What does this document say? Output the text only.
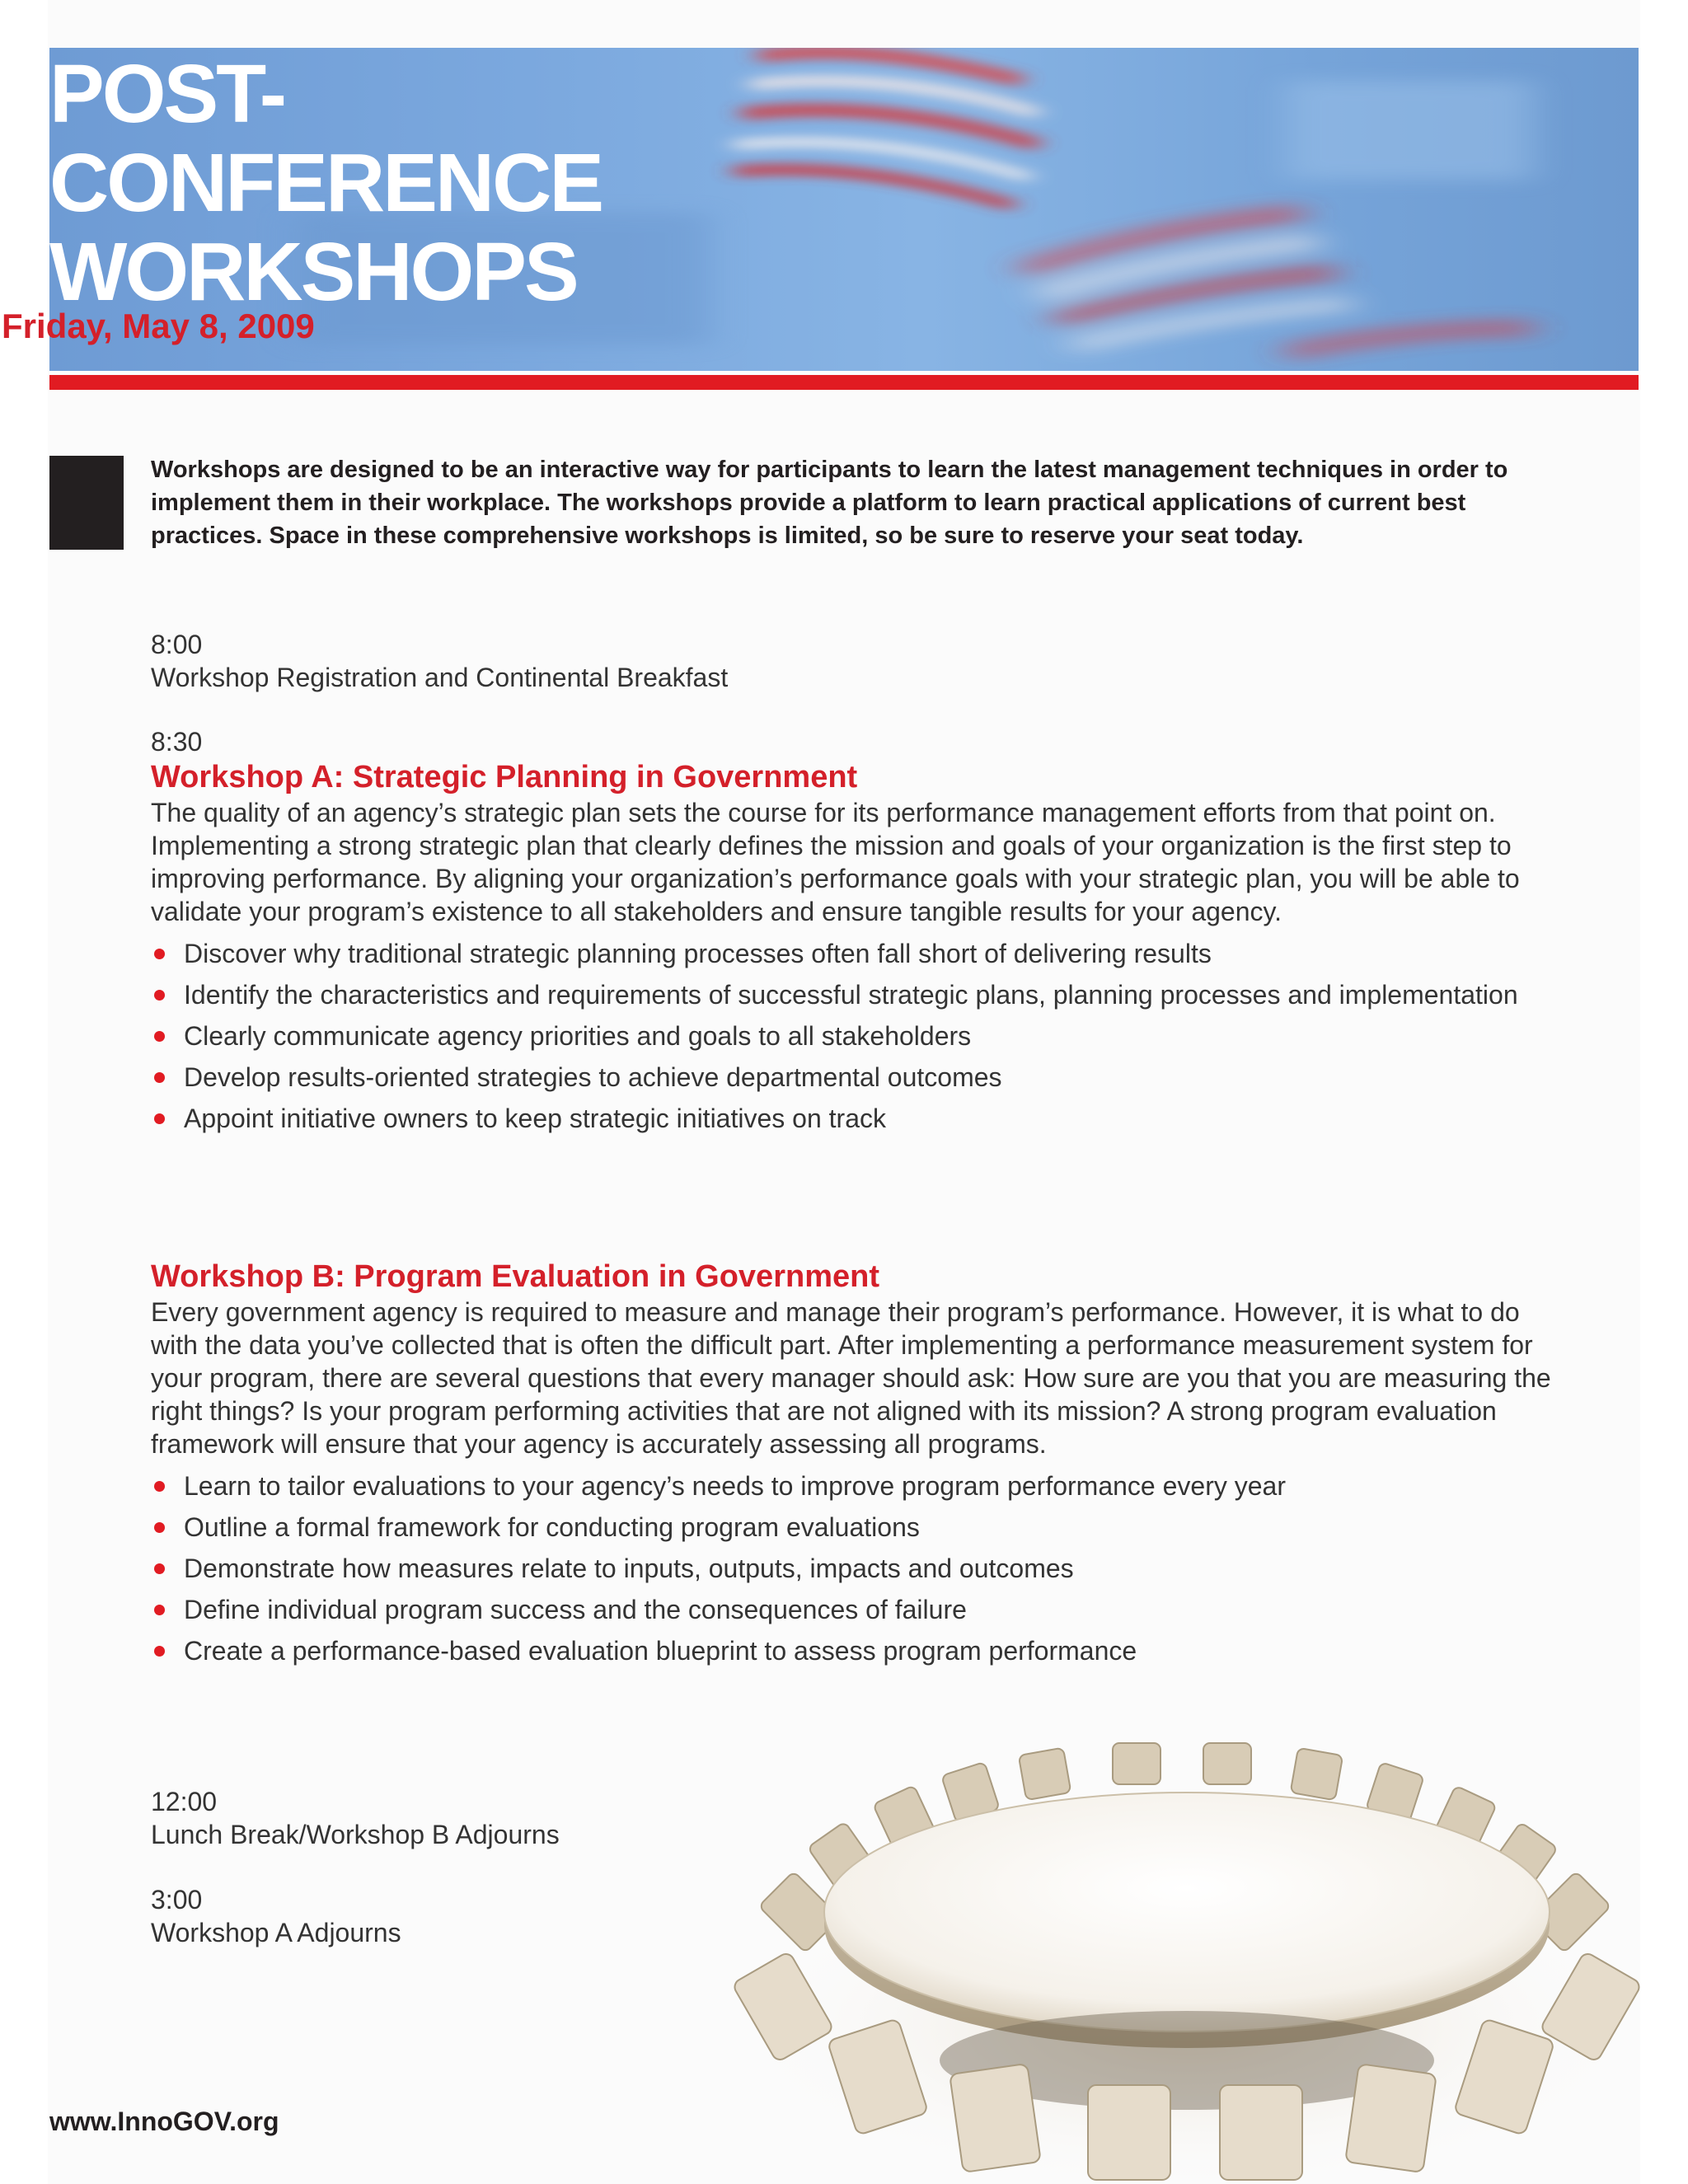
POST-
CONFERENCE
WORKSHOPS
Friday, May 8, 2009

Workshops are designed to be an interactive way for participants to learn the latest management techniques in order to implement them in their workplace. The workshops provide a platform to learn practical applications of current best practices. Space in these comprehensive workshops is limited, so be sure to reserve your seat today.

8:00

Workshop Registration and Continental Breakfast

8:30

Workshop A: Strategic Planning in Government

The quality of an agency’s strategic plan sets the course for its performance management efforts from that point on. Implementing a strong strategic plan that clearly defines the mission and goals of your organization is the first step to improving performance. By aligning your organization’s performance goals with your strategic plan, you will be able to validate your program’s existence to all stakeholders and ensure tangible results for your agency.

Discover why traditional strategic planning processes often fall short of delivering results
Identify the characteristics and requirements of successful strategic plans, planning processes and implementation
Clearly communicate agency priorities and goals to all stakeholders
Develop results-oriented strategies to achieve departmental outcomes
Appoint initiative owners to keep strategic initiatives on track
Workshop B: Program Evaluation in Government

Every government agency is required to measure and manage their program’s performance. However, it is what to do with the data you’ve collected that is often the difficult part. After implementing a performance measurement system for your program, there are several questions that every manager should ask: How sure are you that you are measuring the right things? Is your program performing activities that are not aligned with its mission? A strong program evaluation framework will ensure that your agency is accurately assessing all programs.

Learn to tailor evaluations to your agency’s needs to improve program performance every year
Outline a formal framework for conducting program evaluations
Demonstrate how measures relate to inputs, outputs, impacts and outcomes
Define individual program success and the consequences of failure
Create a performance-based evaluation blueprint to assess program performance

12:00

Lunch Break/Workshop B Adjourns

3:00

Workshop A Adjourns

www.InnoGOV.org
